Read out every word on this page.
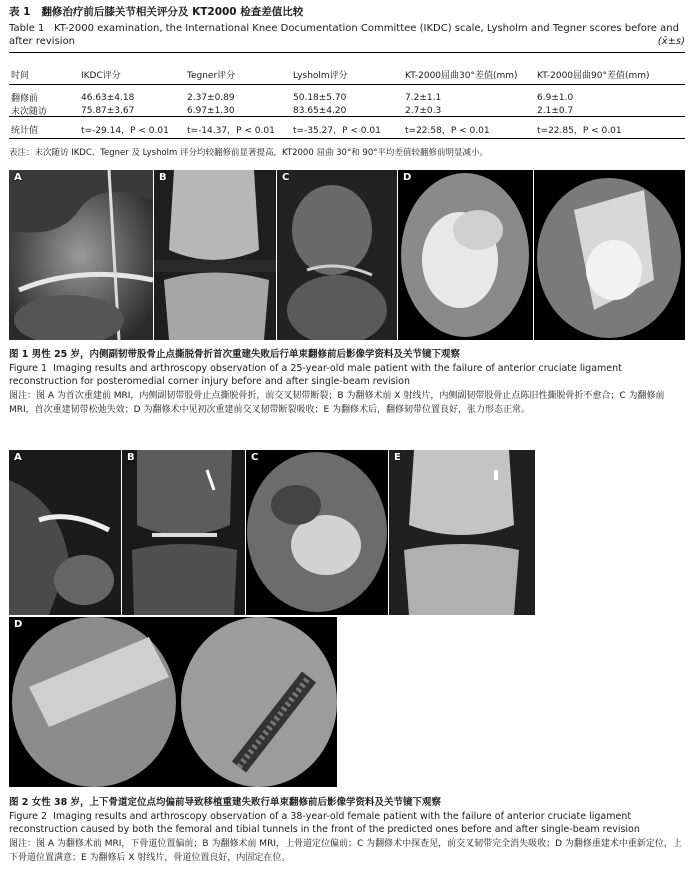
表 1 翻修治疗前后膝关节相关评分及 KT2000 检查差值比较
Table 1 KT-2000 examination, the International Knee Documentation Committee (IKDC) scale, Lysholm and Tegner scores before and after revision	(x̄±s)
时间	IKDC评分	Tegner评分	Lysholm评分	KT-2000屈曲30°差值(mm)	KT-2000屈曲90°差值(mm)

翻修前	46.63±4.18	2.37±0.89	50.18±5.70	7.2±1.1	6.9±1.0
末次随访	75.87±3.67	6.97±1.30	83.65±4.20	2.7±0.3	2.1±0.7

统计值	t=-29.14，P < 0.01	t=-14.37，P < 0.01	t=-35.27，P < 0.01	t=22.58，P < 0.01	t=22.85，P < 0.01
表注：末次随访 IKDC、Tegner 及 Lysholm 评分均较翻修前显著提高，KT2000 屈曲 30°和 90°平均差值较翻修前明显减小。
A	B	C	D	E
图 1 男性 25 岁，内侧副韧带股骨止点撕脱骨折首次重建失败后行单束翻修前后影像学资料及关节镜下观察
Figure 1 Imaging results and arthroscopy observation of a 25-year-old male patient with the failure of anterior cruciate ligament reconstruction for posteromedial corner injury before and after single-beam revision
图注：图 A 为首次重建前 MRI，内侧副韧带股骨止点撕脱骨折，前交叉韧带断裂；B 为翻修术前 X 射线片，内侧副韧带股骨止点陈旧性撕脱骨折不愈合；C 为翻修前 MRI，首次重建韧带松弛失效；D 为翻修术中见初次重建前交叉韧带断裂吸收；E 为翻修术后，翻修韧带位置良好，张力形态正常。
A	B	C	E
D
图 2 女性 38 岁，上下骨道定位点均偏前导致移植重建失败行单束翻修前后影像学资料及关节镜下观察
Figure 2 Imaging results and arthroscopy observation of a 38-year-old female patient with the failure of anterior cruciate ligament reconstruction caused by both the femoral and tibial tunnels in the front of the predicted ones before and after single-beam revision
图注：图 A 为翻修术前 MRI，下骨道位置偏前；B 为翻修术前 MRI，上骨道定位偏前；C 为翻修术中探查见，前交叉韧带完全消失吸收；D 为翻修重建术中重新定位，上下骨道位置满意；E 为翻修后 X 射线片，骨道位置良好，内固定在位。
